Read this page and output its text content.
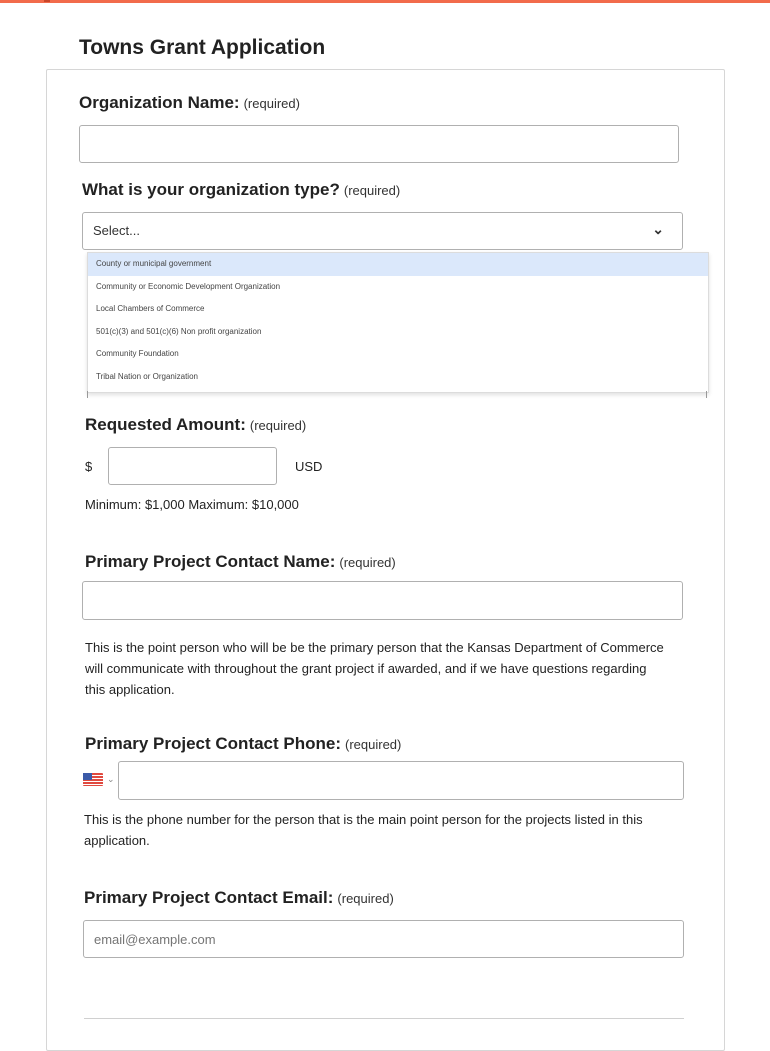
Towns Grant Application
Organization Name: (required)
What is your organization type? (required)
Select...	⌄
County or municipal government
Community or Economic Development Organization
Local Chambers of Commerce
501(c)(3) and 501(c)(6) Non profit organization
Community Foundation
Tribal Nation or Organization
Requested Amount: (required)
$	USD
Minimum: $1,000 Maximum: $10,000
Primary Project Contact Name: (required)
This is the point person who will be be the primary person that the Kansas Department of Commerce will communicate with throughout the grant project if awarded, and if we have questions regarding this application.
Primary Project Contact Phone: (required)
⌄
This is the phone number for the person that is the main point person for the projects listed in this application.
Primary Project Contact Email: (required)
email@example.com
